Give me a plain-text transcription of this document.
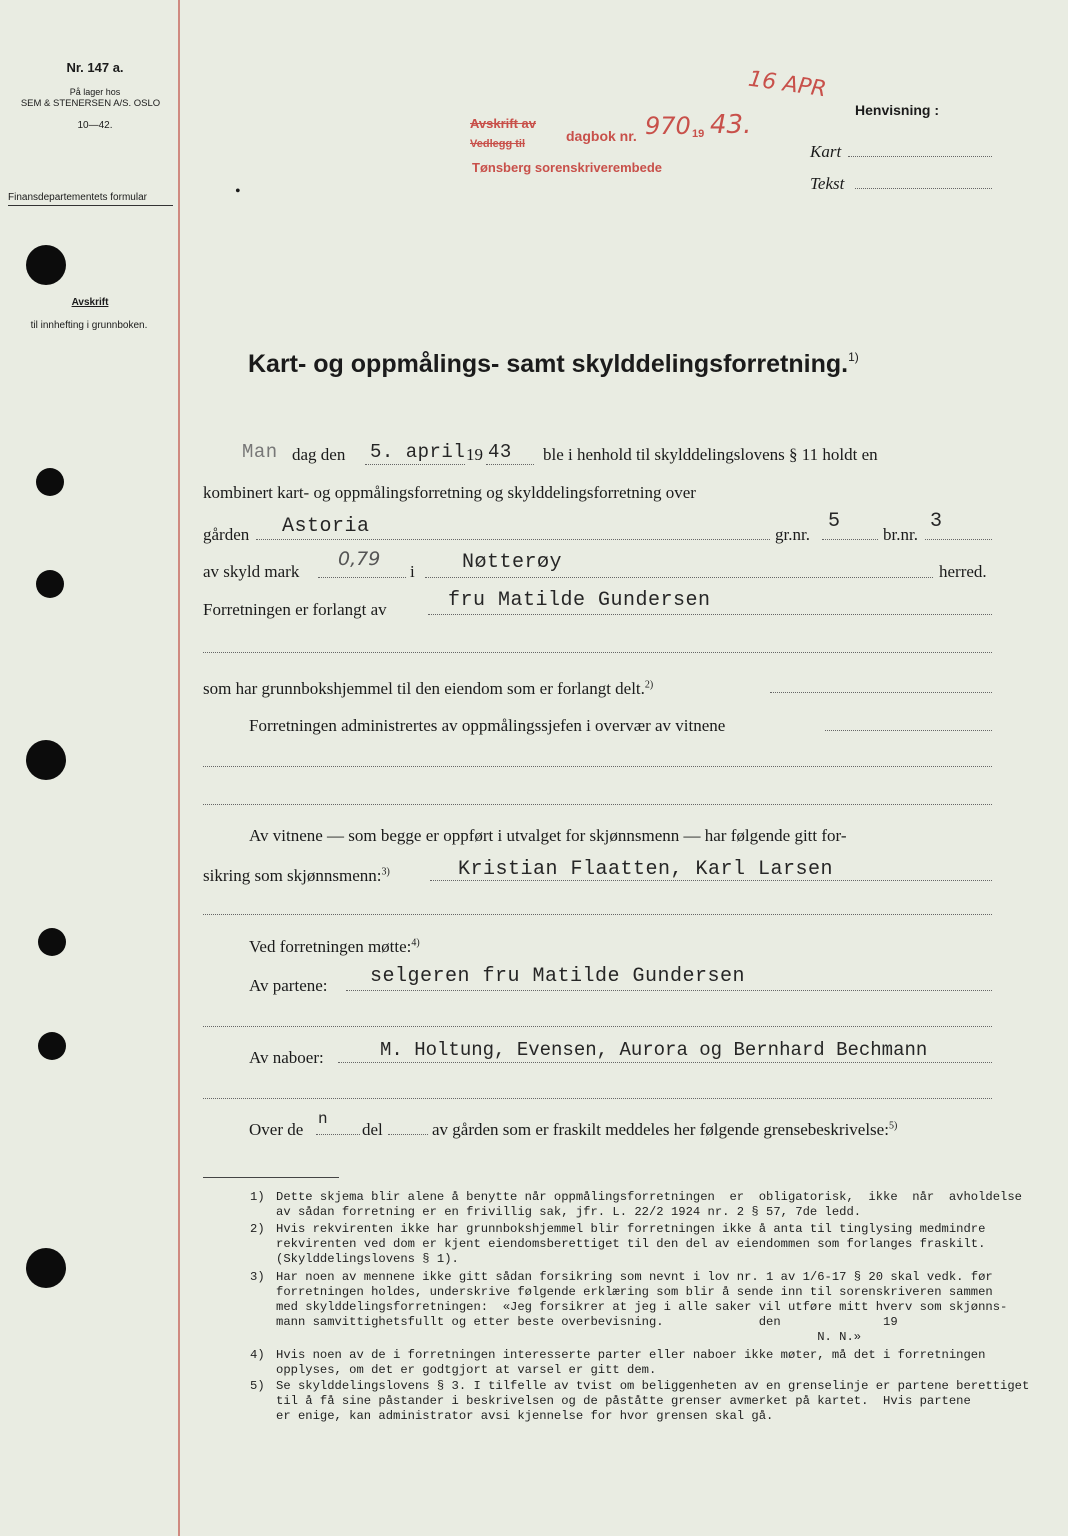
Nr. 147 a.
På lager hos
SEM & STENERSEN A/S. OSLO
10—42.
Finansdepartementets formular
Avskrift
til innhefting i grunnboken.
Avskrift av
dagbok nr. 970 19 43.
Vedlegg til
Tønsberg sorenskriverembede
16 APR
Henvisning :
Kart
Tekst
•
Kart- og oppmålings- samt skylddelingsforretning.$^{1)}$
Man dag den 5. april 19 43 ble i henhold til skylddelingslovens § 11 holdt en
kombinert kart- og oppmålingsforretning og skylddelingsforretning over
gården Astoria	gr.nr.
5
br.nr.
3
av skyld mark
0,79
i Nøtterøy	herred.
Forretningen er forlangt av	fru Matilde Gundersen
som har grunnbokshjemmel til den eiendom som er forlangt delt.$^{2)}$
Forretningen administrertes av oppmålingssjefen i overvær av vitnene
Av vitnene — som begge er oppført i utvalget for skjønnsmenn — har følgende gitt for-
sikring som skjønnsmenn:$^{3)}$	Kristian Flaatten, Karl Larsen
Ved forretningen møtte:$^{4)}$
Av partene: selgeren fru Matilde Gundersen
Av naboer:	M. Holtung, Evensen, Aurora og Bernhard Bechmann
Over de
n
del	av gården som er fraskilt meddeles her følgende grensebeskrivelse:$^{5)}$
1) Dette skjema blir alene å benytte når oppmålingsforretningen  er  obligatorisk,  ikke  når  avholdelse
av sådan forretning er en frivillig sak, jfr. L. 22/2 1924 nr. 2 § 57, 7de ledd.
2) Hvis rekvirenten ikke har grunnbokshjemmel blir forretningen ikke å anta til tinglysing medmindre
rekvirenten ved dom er kjent eiendomsberettiget til den del av eiendommen som forlanges fraskilt.
(Skylddelingslovens § 1).
3) Har noen av mennene ikke gitt sådan forsikring som nevnt i lov nr. 1 av 1/6-17 § 20 skal vedk. før
forretningen holdes, underskrive følgende erklæring som blir å sende inn til sorenskriveren sammen
med skylddelingsforretningen:  «Jeg forsikrer at jeg i alle saker vil utføre mitt hverv som skjønns-
mann samvittighetsfullt og etter beste overbevisning.             den              19
N. N.»
4) Hvis noen av de i forretningen interesserte parter eller naboer ikke møter, må det i forretningen
opplyses, om det er godtgjort at varsel er gitt dem.
5) Se skylddelingslovens § 3. I tilfelle av tvist om beliggenheten av en grenselinje er partene berettiget
til å få sine påstander i beskrivelsen og de påståtte grenser avmerket på kartet.  Hvis partene
er enige, kan administrator avsi kjennelse for hvor grensen skal gå.
